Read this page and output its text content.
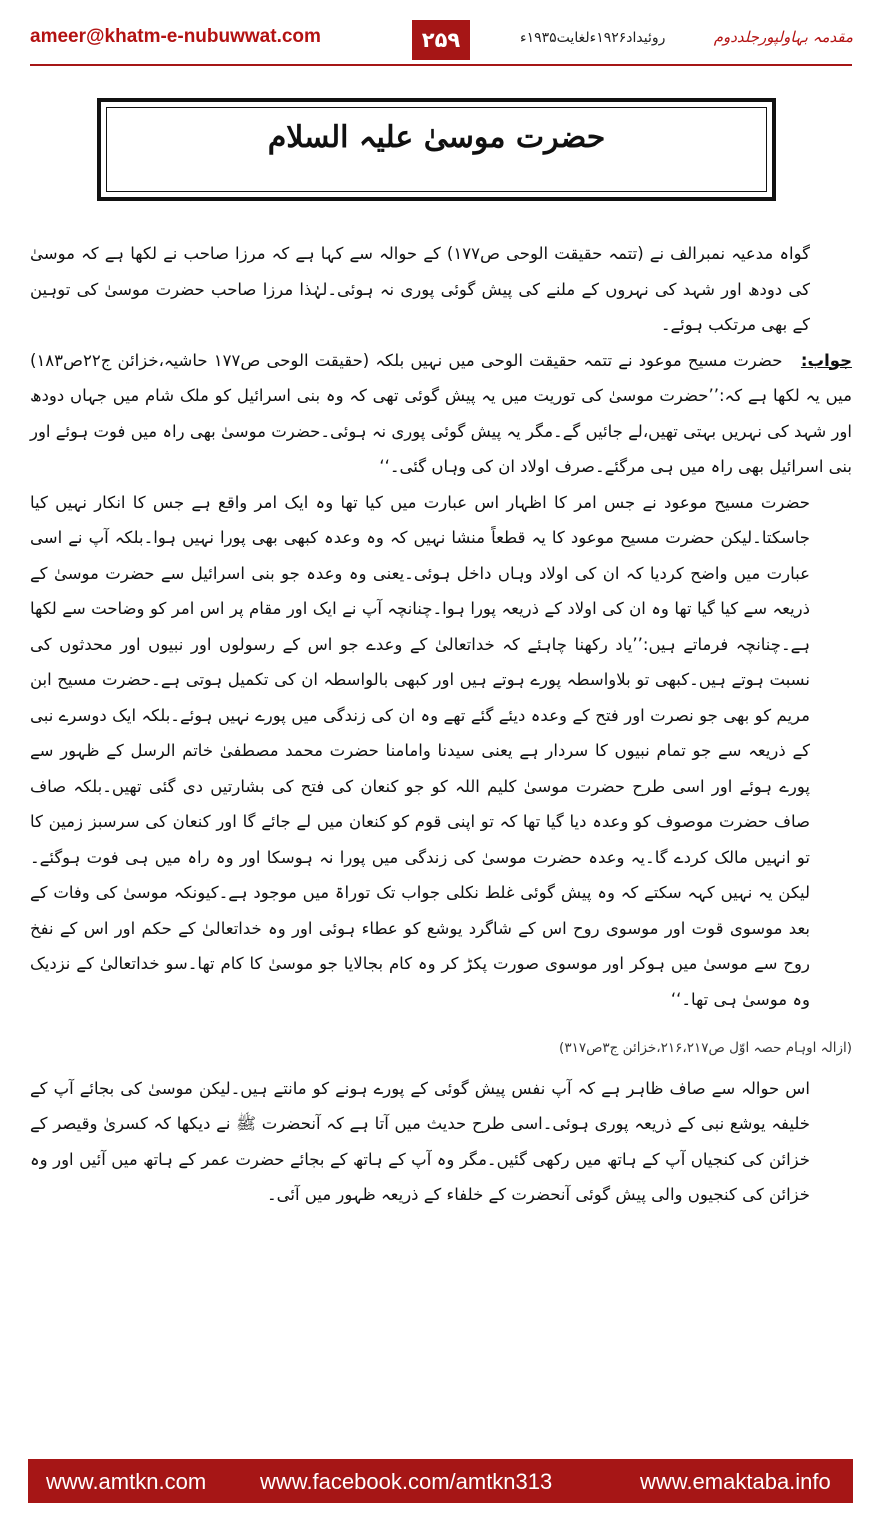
ameer@khatm-e-nubuwwat.com	۲۵۹	روئیداد۱۹۲۶ءلغایت۱۹۳۵ء	مقدمہ بہاولپورجلددوم
حضرت موسیٰ علیہ السلام

گواہ مدعیہ نمبرالف نے (تتمہ حقیقت الوحی ص۱۷۷) کے حوالہ سے کہا ہے کہ مرزا صاحب نے لکھا ہے کہ موسیٰ کی دودھ اور شہد کی نہروں کے ملنے کی پیش گوئی پوری نہ ہوئی۔لہٰذا مرزا صاحب حضرت موسیٰ کی توہین کے بھی مرتکب ہوئے۔

جواب:   حضرت مسیح موعود نے تتمہ حقیقت الوحی میں نہیں بلکہ (حقیقت الوحی ص۱۷۷ حاشیہ،خزائن ج۲۲ص۱۸۳) میں یہ لکھا ہے کہ:’’حضرت موسیٰ کی توریت میں یہ پیش گوئی تھی کہ وہ بنی اسرائیل کو ملک شام میں جہاں دودھ اور شہد کی نہریں بہتی تھیں،لے جائیں گے۔مگر یہ پیش گوئی پوری نہ ہوئی۔حضرت موسیٰ بھی راہ میں فوت ہوئے اور بنی اسرائیل بھی راہ میں ہی مرگئے۔صرف اولاد ان کی وہاں گئی۔‘‘

حضرت مسیح موعود نے جس امر کا اظہار اس عبارت میں کیا تھا وہ ایک امر واقع ہے جس کا انکار نہیں کیا جاسکتا۔لیکن حضرت مسیح موعود کا یہ قطعاً منشا نہیں کہ وہ وعدہ کبھی بھی پورا نہیں ہوا۔بلکہ آپ نے اسی عبارت میں واضح کردیا کہ ان کی اولاد وہاں داخل ہوئی۔یعنی وہ وعدہ جو بنی اسرائیل سے حضرت موسیٰ کے ذریعہ سے کیا گیا تھا وہ ان کی اولاد کے ذریعہ پورا ہوا۔چنانچہ آپ نے ایک اور مقام پر اس امر کو وضاحت سے لکھا ہے۔چنانچہ فرماتے ہیں:’’یاد رکھنا چاہئے کہ خداتعالیٰ کے وعدے جو اس کے رسولوں اور نبیوں اور محدثوں کی نسبت ہوتے ہیں۔کبھی تو بلاواسطہ پورے ہوتے ہیں اور کبھی بالواسطہ ان کی تکمیل ہوتی ہے۔حضرت مسیح ابن مریم کو بھی جو نصرت اور فتح کے وعدہ دیئے گئے تھے وہ ان کی زندگی میں پورے نہیں ہوئے۔بلکہ ایک دوسرے نبی کے ذریعہ سے جو تمام نبیوں کا سردار ہے یعنی سیدنا وامامنا حضرت محمد مصطفیٰ خاتم الرسل کے ظہور سے پورے ہوئے اور اسی طرح حضرت موسیٰ کلیم اللہ کو جو کنعان کی فتح کی بشارتیں دی گئی تھیں۔بلکہ صاف صاف حضرت موصوف کو وعدہ دیا گیا تھا کہ تو اپنی قوم کو کنعان میں لے جائے گا اور کنعان کی سرسبز زمین کا تو انہیں مالک کردے گا۔یہ وعدہ حضرت موسیٰ کی زندگی میں پورا نہ ہوسکا اور وہ راہ میں ہی فوت ہوگئے۔لیکن یہ نہیں کہہ سکتے کہ وہ پیش گوئی غلط نکلی جواب تک توراۃ میں موجود ہے۔کیونکہ موسیٰ کی وفات کے بعد موسوی قوت اور موسوی روح اس کے شاگرد یوشع کو عطاء ہوئی اور وہ خداتعالیٰ کے حکم اور اس کے نفخ روح سے موسیٰ میں ہوکر اور موسوی صورت پکڑ کر وہ کام بجالایا جو موسیٰ کا کام تھا۔سو خداتعالیٰ کے نزدیک وہ موسیٰ ہی تھا۔‘‘

(ازالہ اوہام حصہ اوّل ص۲۱۶،۲۱۷،خزائن ج۳ص۳۱۷)

اس حوالہ سے صاف ظاہر ہے کہ آپ نفس پیش گوئی کے پورے ہونے کو مانتے ہیں۔لیکن موسیٰ کی بجائے آپ کے خلیفہ یوشع نبی کے ذریعہ پوری ہوئی۔اسی طرح حدیث میں آتا ہے کہ آنحضرت ﷺ نے دیکھا کہ کسریٰ وقیصر کے خزائن کی کنجیاں آپ کے ہاتھ میں رکھی گئیں۔مگر وہ آپ کے ہاتھ کے بجائے حضرت عمر کے ہاتھ میں آئیں اور وہ خزائن کی کنجیوں والی پیش گوئی آنحضرت کے خلفاء کے ذریعہ ظہور میں آئی۔

www.amtkn.com www.facebook.com/amtkn313	www.emaktaba.info
